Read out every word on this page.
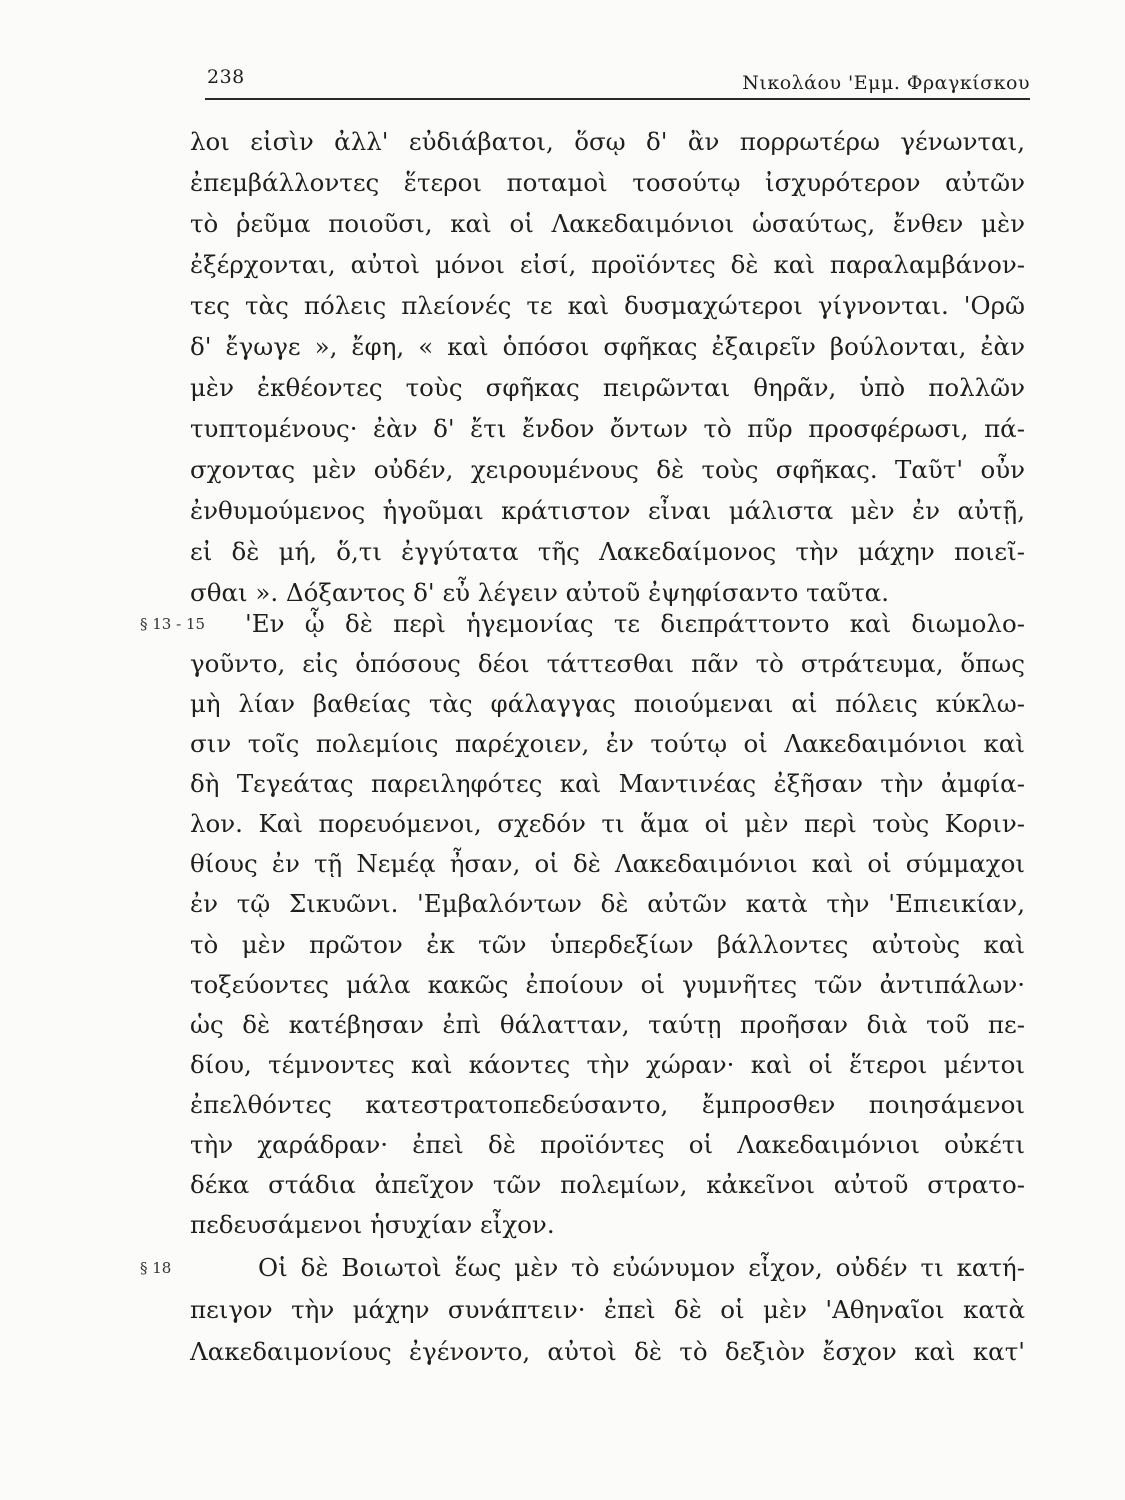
238	Νικολάου 'Εμμ. Φραγκίσκου
§ 13 - 15
§ 18
λοι εἰσὶν ἀλλ' εὐδιάβατοι, ὅσῳ δ' ἂν πορρωτέρω γένωνται,
ἐπεμβάλλοντες ἕτεροι ποταμοὶ τοσούτῳ ἰσχυρότερον αὐτῶν
τὸ ῥεῦμα ποιοῦσι, καὶ οἱ Λακεδαιμόνιοι ὡσαύτως, ἔνθεν μὲν
ἐξέρχονται, αὐτοὶ μόνοι εἰσί, προϊόντες δὲ καὶ παραλαμβάνον-
τες τὰς πόλεις πλείονές τε καὶ δυσμαχώτεροι γίγνονται. 'Ορῶ
δ' ἔγωγε », ἔφη, « καὶ ὁπόσοι σφῆκας ἐξαιρεῖν βούλονται, ἐὰν
μὲν ἐκθέοντες τοὺς σφῆκας πειρῶνται θηρᾶν, ὑπὸ πολλῶν
τυπτομένους· ἐὰν δ' ἔτι ἔνδον ὄντων τὸ πῦρ προσφέρωσι, πά-
σχοντας μὲν οὐδέν, χειρουμένους δὲ τοὺς σφῆκας. Ταῦτ' οὖν
ἐνθυμούμενος ἡγοῦμαι κράτιστον εἶναι μάλιστα μὲν ἐν αὐτῇ,
εἰ δὲ μή, ὅ,τι ἐγγύτατα τῆς Λακεδαίμονος τὴν μάχην ποιεῖ-
σθαι ». Δόξαντος δ' εὖ λέγειν αὐτοῦ ἐψηφίσαντο ταῦτα.
'Εν ᾧ δὲ περὶ ἡγεμονίας τε διεπράττοντο καὶ διωμολο-
γοῦντο, εἰς ὁπόσους δέοι τάττεσθαι πᾶν τὸ στράτευμα, ὅπως
μὴ λίαν βαθείας τὰς φάλαγγας ποιούμεναι αἱ πόλεις κύκλω-
σιν τοῖς πολεμίοις παρέχοιεν, ἐν τούτῳ οἱ Λακεδαιμόνιοι καὶ
δὴ Τεγεάτας παρειληφότες καὶ Μαντινέας ἐξῆσαν τὴν ἀμφία-
λον. Καὶ πορευόμενοι, σχεδόν τι ἅμα οἱ μὲν περὶ τοὺς Κοριν-
θίους ἐν τῇ Νεμέᾳ ἦσαν, οἱ δὲ Λακεδαιμόνιοι καὶ οἱ σύμμαχοι
ἐν τῷ Σικυῶνι. 'Εμβαλόντων δὲ αὐτῶν κατὰ τὴν 'Επιεικίαν,
τὸ μὲν πρῶτον ἐκ τῶν ὑπερδεξίων βάλλοντες αὐτοὺς καὶ
τοξεύοντες μάλα κακῶς ἐποίουν οἱ γυμνῆτες τῶν ἀντιπάλων·
ὡς δὲ κατέβησαν ἐπὶ θάλατταν, ταύτῃ προῆσαν διὰ τοῦ πε-
δίου, τέμνοντες καὶ κάοντες τὴν χώραν· καὶ οἱ ἕτεροι μέντοι
ἐπελθόντες κατεστρατοπεδεύσαντο, ἔμπροσθεν ποιησάμενοι
τὴν χαράδραν· ἐπεὶ δὲ προϊόντες οἱ Λακεδαιμόνιοι οὐκέτι
δέκα στάδια ἀπεῖχον τῶν πολεμίων, κἀκεῖνοι αὐτοῦ στρατο-
πεδευσάμενοι ἡσυχίαν εἶχον.
Οἱ δὲ Βοιωτοὶ ἕως μὲν τὸ εὐώνυμον εἶχον, οὐδέν τι κατή-
πειγον τὴν μάχην συνάπτειν· ἐπεὶ δὲ οἱ μὲν 'Αθηναῖοι κατὰ
Λακεδαιμονίους ἐγένοντο, αὐτοὶ δὲ τὸ δεξιὸν ἔσχον καὶ κατ'
